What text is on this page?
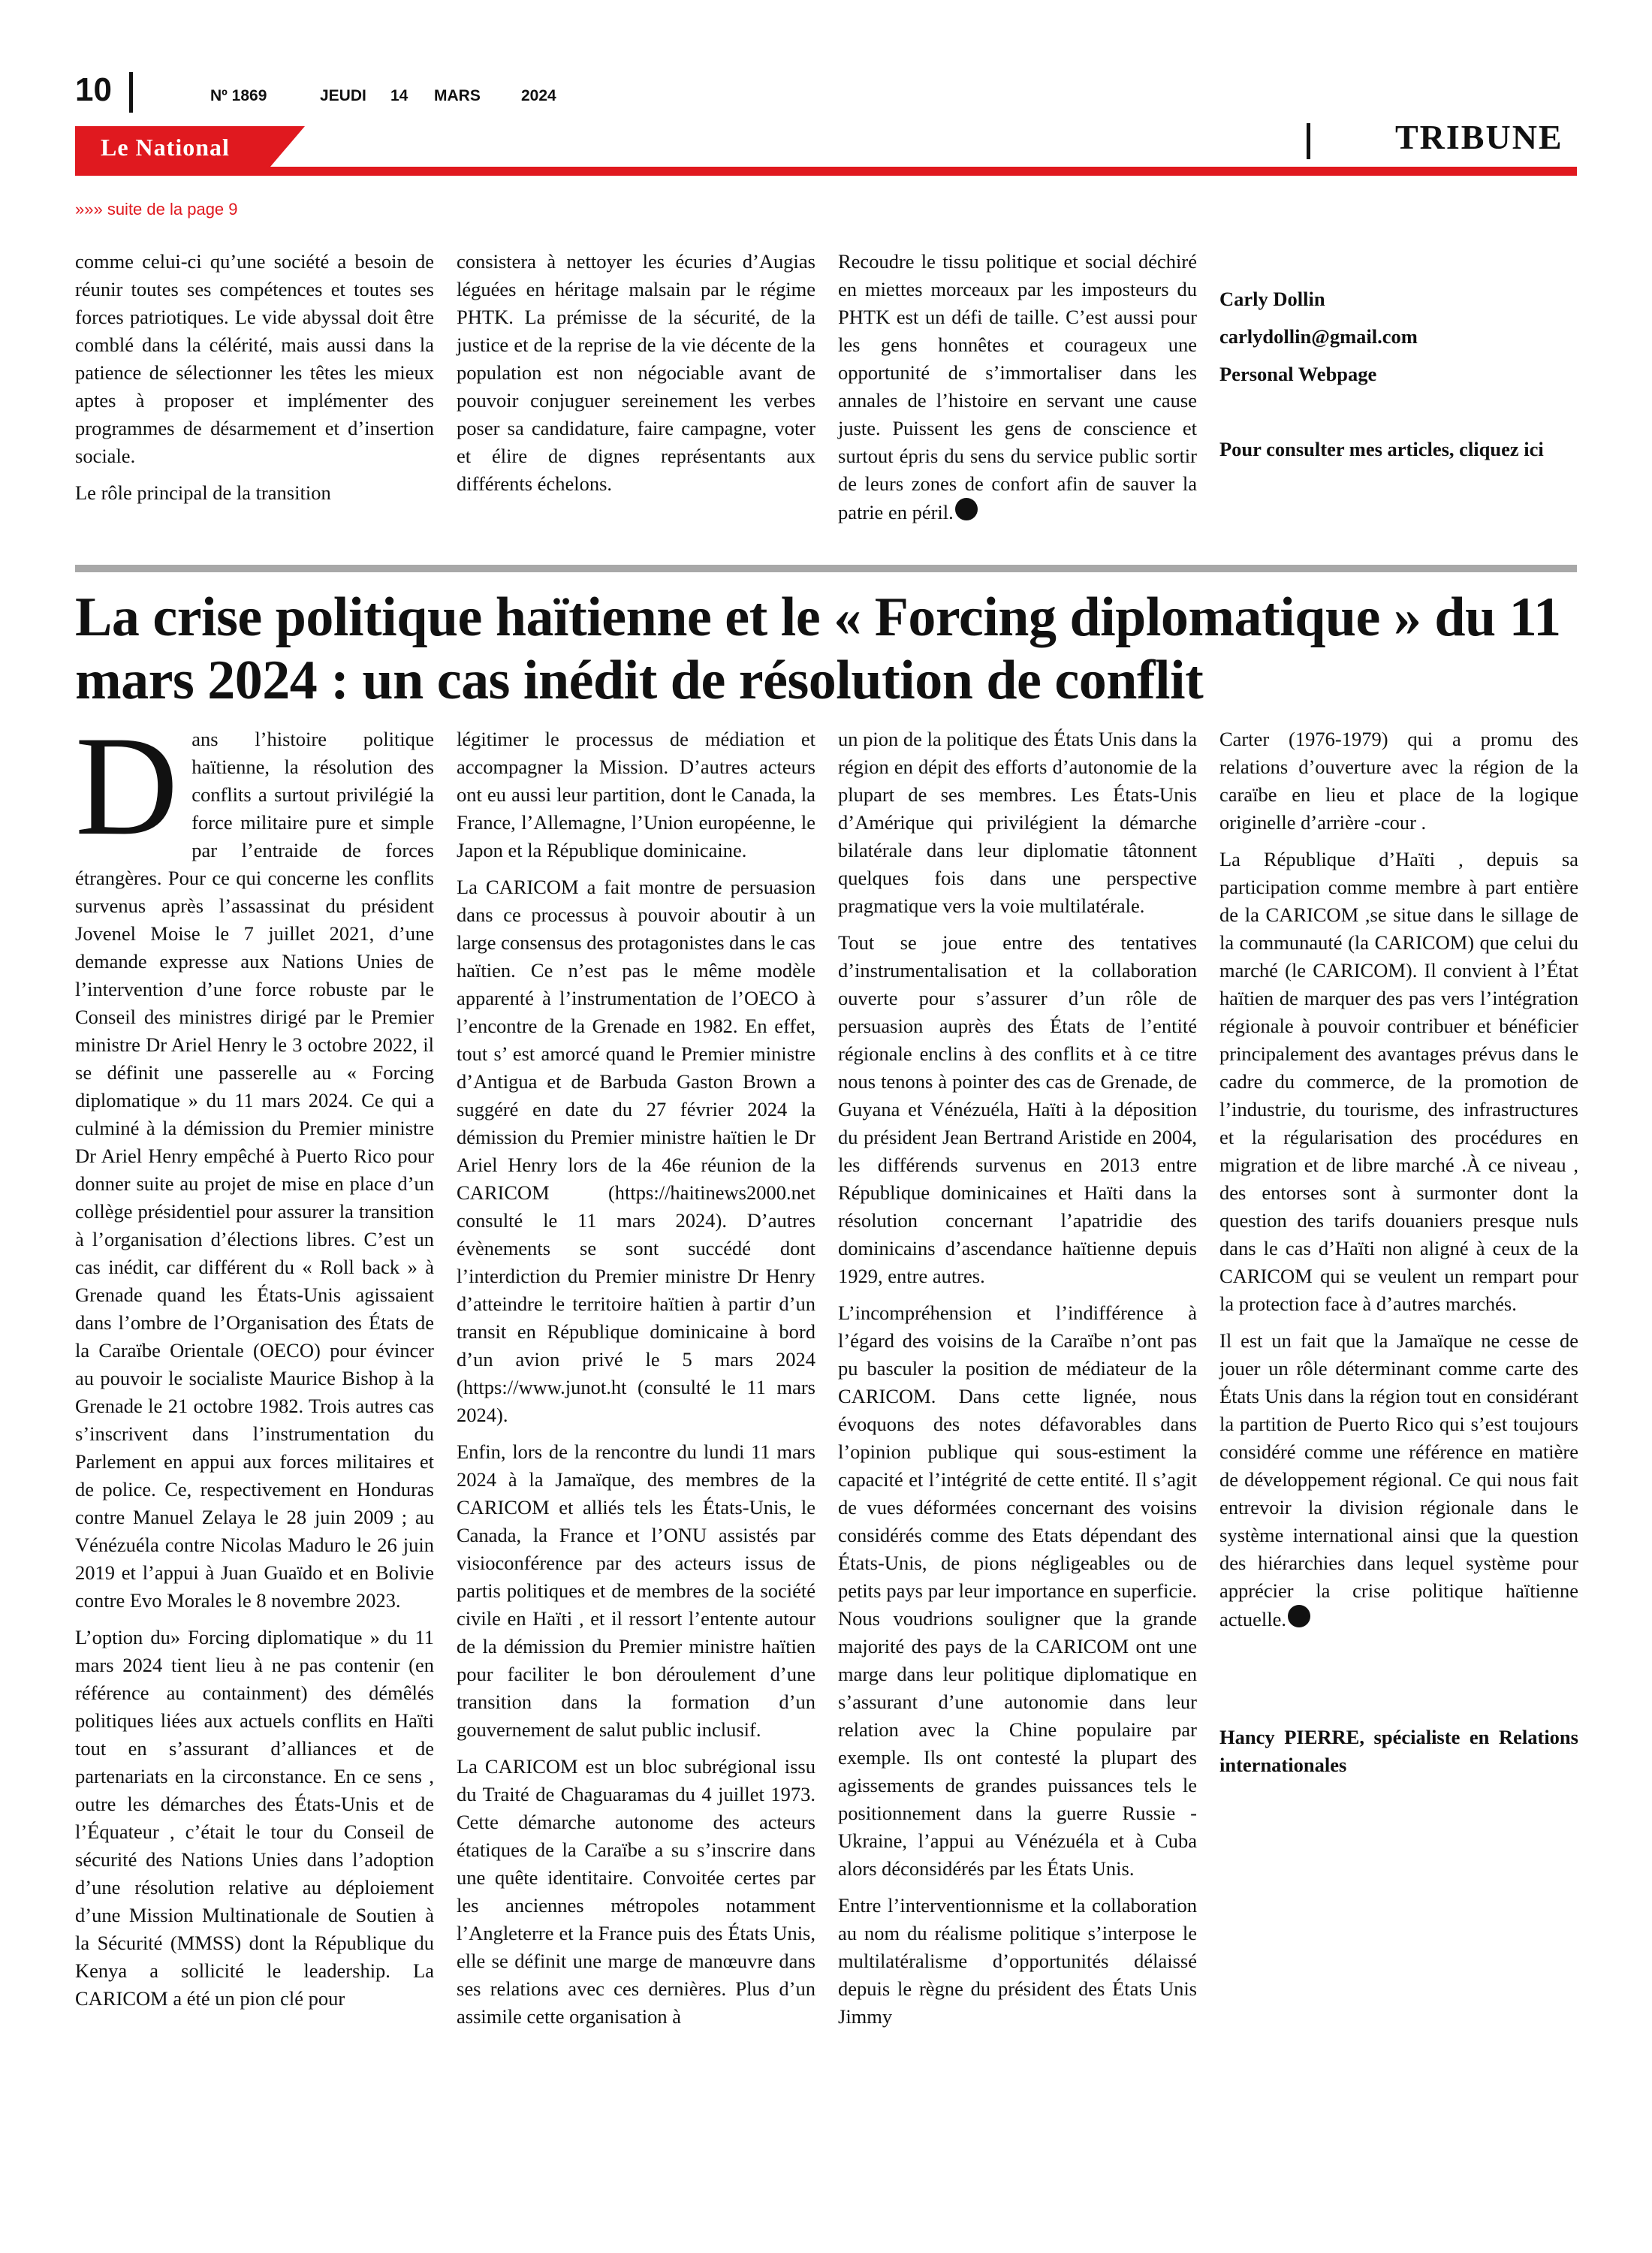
10	Nº 1869	JEUDI 14 MARS	2024
Le National	TRIBUNE
»»» suite de la page 9

comme celui-ci qu’une société a besoin de réunir toutes ses compétences et toutes ses forces patriotiques. Le vide abyssal doit être comblé dans la célérité, mais aussi dans la patience de sélectionner les têtes les mieux aptes à proposer et implémenter des programmes de désarmement et d’insertion sociale.

Le rôle principal de la transition

consistera à nettoyer les écuries d’Augias léguées en héritage malsain par le régime PHTK. La prémisse de la sécurité, de la justice et de la reprise de la vie décente de la population est non négociable avant de pouvoir conjuguer sereinement les verbes poser sa candidature, faire campagne, voter et élire de dignes représentants aux différents échelons.

Recoudre le tissu politique et social déchiré en miettes morceaux par les imposteurs du PHTK est un défi de taille. C’est aussi pour les gens honnêtes et courageux une opportunité de s’immortaliser dans les annales de l’histoire en servant une cause juste. Puissent les gens de conscience et surtout épris du sens du service public sortir de leurs zones de confort afin de sauver la patrie en péril.

Carly Dollin
carlydollin@gmail.com
Personal Webpage
Pour consulter mes articles, cliquez ici
La crise politique haïtienne et le « Forcing diplomatique » du 11 mars 2024 : un cas inédit de résolution de conflit

Dans l’histoire politique haïtienne, la résolution des conflits a surtout privilégié la force militaire pure et simple par l’entraide de forces étrangères. Pour ce qui concerne les conflits survenus après l’assassinat du président Jovenel Moise le 7 juillet 2021, d’une demande expresse aux Nations Unies de l’intervention d’une force robuste par le Conseil des ministres dirigé par le Premier ministre Dr Ariel Henry le 3 octobre 2022, il se définit une passerelle au « Forcing diplomatique » du 11 mars 2024. Ce qui a culminé à la démission du Premier ministre Dr Ariel Henry empêché à Puerto Rico pour donner suite au projet de mise en place d’un collège présidentiel pour assurer la transition à l’organisation d’élections libres. C’est un cas inédit, car différent du « Roll back » à Grenade quand les États-Unis agissaient dans l’ombre de l’Organisation des États de la Caraïbe Orientale (OECO) pour évincer au pouvoir le socialiste Maurice Bishop à la Grenade le 21 octobre 1982. Trois autres cas s’inscrivent dans l’instrumentation du Parlement en appui aux forces militaires et de police. Ce, respectivement en Honduras contre Manuel Zelaya le 28 juin 2009 ; au Vénézuéla contre Nicolas Maduro le 26 juin 2019 et l’appui à Juan Guaïdo et en Bolivie contre Evo Morales le 8 novembre 2023.

L’option du» Forcing diplomatique » du 11 mars 2024 tient lieu à ne pas contenir (en référence au containment) des démêlés politiques liées aux actuels conflits en Haïti tout en s’assurant d’alliances et de partenariats en la circonstance. En ce sens , outre les démarches des États-Unis et de l’Équateur , c’était le tour du Conseil de sécurité des Nations Unies dans l’adoption d’une résolution relative au déploiement d’une Mission Multinationale de Soutien à la Sécurité (MMSS) dont la République du Kenya a sollicité le leadership. La CARICOM a été un pion clé pour

légitimer le processus de médiation et accompagner la Mission. D’autres acteurs ont eu aussi leur partition, dont le Canada, la France, l’Allemagne, l’Union européenne, le Japon et la République dominicaine.

La CARICOM a fait montre de persuasion dans ce processus à pouvoir aboutir à un large consensus des protagonistes dans le cas haïtien. Ce n’est pas le même modèle apparenté à l’instrumentation de l’OECO à l’encontre de la Grenade en 1982. En effet, tout s’ est amorcé quand le Premier ministre d’Antigua et de Barbuda Gaston Brown a suggéré en date du 27 février 2024 la démission du Premier ministre haïtien le Dr Ariel Henry lors de la 46e réunion de la CARICOM (https://haitinews2000.net consulté le 11 mars 2024). D’autres évènements se sont succédé dont l’interdiction du Premier ministre Dr Henry d’atteindre le territoire haïtien à partir d’un transit en République dominicaine à bord d’un avion privé le 5 mars 2024 (https://www.junot.ht (consulté le 11 mars 2024).

Enfin, lors de la rencontre du lundi 11 mars 2024 à la Jamaïque, des membres de la CARICOM et alliés tels les États-Unis, le Canada, la France et l’ONU assistés par visioconférence par des acteurs issus de partis politiques et de membres de la société civile en Haïti , et il ressort l’entente autour de la démission du Premier ministre haïtien pour faciliter le bon déroulement d’une transition dans la formation d’un gouvernement de salut public inclusif.

La CARICOM est un bloc subrégional issu du Traité de Chaguaramas du 4 juillet 1973. Cette démarche autonome des acteurs étatiques de la Caraïbe a su s’inscrire dans une quête identitaire. Convoitée certes par les anciennes métropoles notamment l’Angleterre et la France puis des États Unis, elle se définit une marge de manœuvre dans ses relations avec ces dernières. Plus d’un assimile cette organisation à

un pion de la politique des États Unis dans la région en dépit des efforts d’autonomie de la plupart de ses membres. Les États-Unis d’Amérique qui privilégient la démarche bilatérale dans leur diplomatie tâtonnent quelques fois dans une perspective pragmatique vers la voie multilatérale.

Tout se joue entre des tentatives d’instrumentalisation et la collaboration ouverte pour s’assurer d’un rôle de persuasion auprès des États de l’entité régionale enclins à des conflits et à ce titre nous tenons à pointer des cas de Grenade, de Guyana et Vénézuéla, Haïti à la déposition du président Jean Bertrand Aristide en 2004, les différends survenus en 2013 entre République dominicaines et Haïti dans la résolution concernant l’apatridie des dominicains d’ascendance haïtienne depuis 1929, entre autres.

L’incompréhension et l’indifférence à l’égard des voisins de la Caraïbe n’ont pas pu basculer la position de médiateur de la CARICOM. Dans cette lignée, nous évoquons des notes défavorables dans l’opinion publique qui sous-estiment la capacité et l’intégrité de cette entité. Il s’agit de vues déformées concernant des voisins considérés comme des Etats dépendant des États-Unis, de pions négligeables ou de petits pays par leur importance en superficie. Nous voudrions souligner que la grande majorité des pays de la CARICOM ont une marge dans leur politique diplomatique en s’assurant d’une autonomie dans leur relation avec la Chine populaire par exemple. Ils ont contesté la plupart des agissements de grandes puissances tels le positionnement dans la guerre Russie -Ukraine, l’appui au Vénézuéla et à Cuba alors déconsidérés par les États Unis.

Entre l’interventionnisme et la collaboration au nom du réalisme politique s’interpose le multilatéralisme d’opportunités délaissé depuis le règne du président des États Unis Jimmy

Carter (1976-1979) qui a promu des relations d’ouverture avec la région de la caraïbe en lieu et place de la logique originelle d’arrière -cour .

La République d’Haïti , depuis sa participation comme membre à part entière de la CARICOM ,se situe dans le sillage de la communauté (la CARICOM) que celui du marché (le CARICOM). Il convient à l’État haïtien de marquer des pas vers l’intégration régionale à pouvoir contribuer et bénéficier principalement des avantages prévus dans le cadre du commerce, de la promotion de l’industrie, du tourisme, des infrastructures et la régularisation des procédures en migration et de libre marché .À ce niveau , des entorses sont à surmonter dont la question des tarifs douaniers presque nuls dans le cas d’Haïti non aligné à ceux de la CARICOM qui se veulent un rempart pour la protection face à d’autres marchés.

Il est un fait que la Jamaïque ne cesse de jouer un rôle déterminant comme carte des États Unis dans la région tout en considérant la partition de Puerto Rico qui s’est toujours considéré comme une référence en matière de développement régional. Ce qui nous fait entrevoir la division régionale dans le système international ainsi que la question des hiérarchies dans lequel système pour apprécier la crise politique haïtienne actuelle.

Hancy PIERRE, spécialiste en Relations internationales
